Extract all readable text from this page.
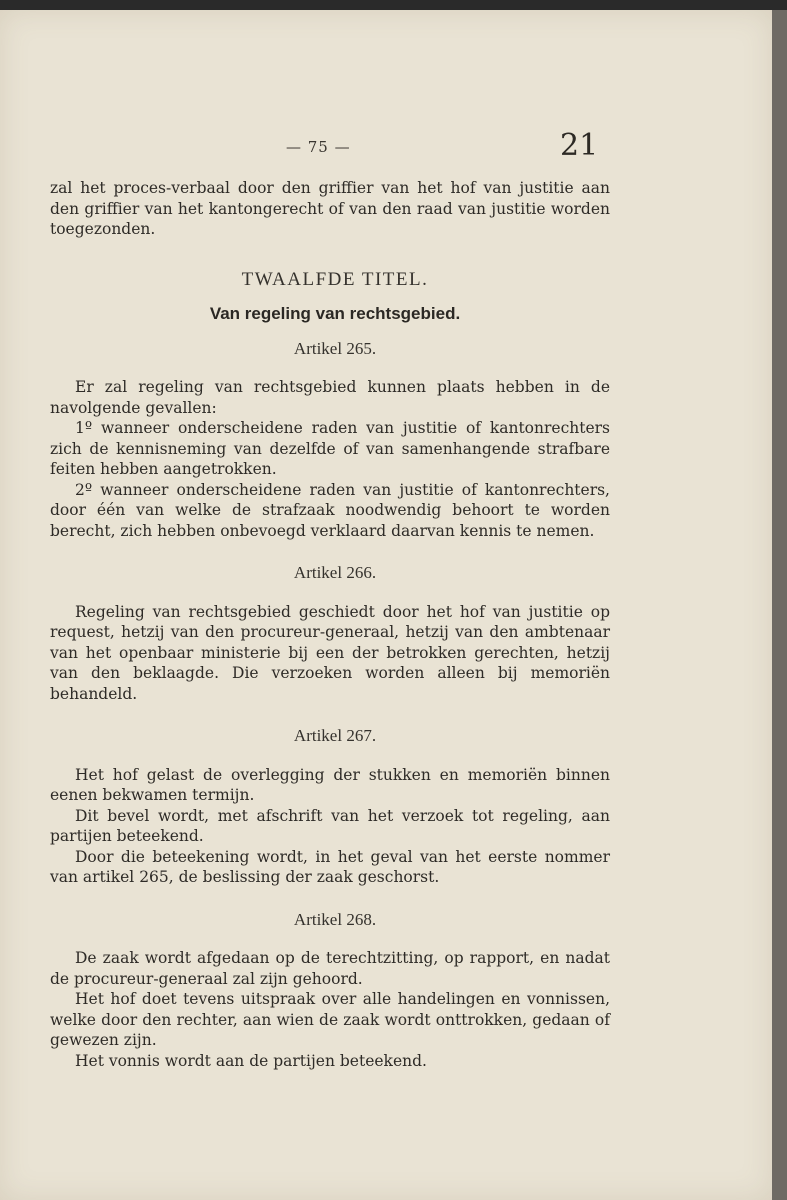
— 75 —	21

zal het proces-verbaal door den griffier van het hof van justitie aan den griffier van het kantongerecht of van den raad van justitie worden toegezonden.

TWAALFDE TITEL.
Van regeling van rechtsgebied.
Artikel 265.

Er zal regeling van rechtsgebied kunnen plaats hebben in de navolgende gevallen:

1º wanneer onderscheidene raden van justitie of kantonrechters zich de kennisneming van dezelfde of van samenhangende strafbare feiten hebben aangetrokken.

2º wanneer onderscheidene raden van justitie of kantonrechters, door één van welke de strafzaak noodwendig behoort te worden berecht, zich hebben onbevoegd verklaard daarvan kennis te nemen.

Artikel 266.

Regeling van rechtsgebied geschiedt door het hof van justitie op request, hetzij van den procureur-generaal, hetzij van den ambtenaar van het openbaar ministerie bij een der betrokken gerechten, hetzij van den beklaagde. Die verzoeken worden alleen bij memoriën behandeld.

Artikel 267.

Het hof gelast de overlegging der stukken en memoriën binnen eenen bekwamen termijn.

Dit bevel wordt, met afschrift van het verzoek tot regeling, aan partijen beteekend.

Door die beteekening wordt, in het geval van het eerste nommer van artikel 265, de beslissing der zaak geschorst.

Artikel 268.

De zaak wordt afgedaan op de terechtzitting, op rapport, en nadat de procureur-generaal zal zijn gehoord.

Het hof doet tevens uitspraak over alle handelingen en vonnissen, welke door den rechter, aan wien de zaak wordt onttrokken, gedaan of gewezen zijn.

Het vonnis wordt aan de partijen beteekend.
